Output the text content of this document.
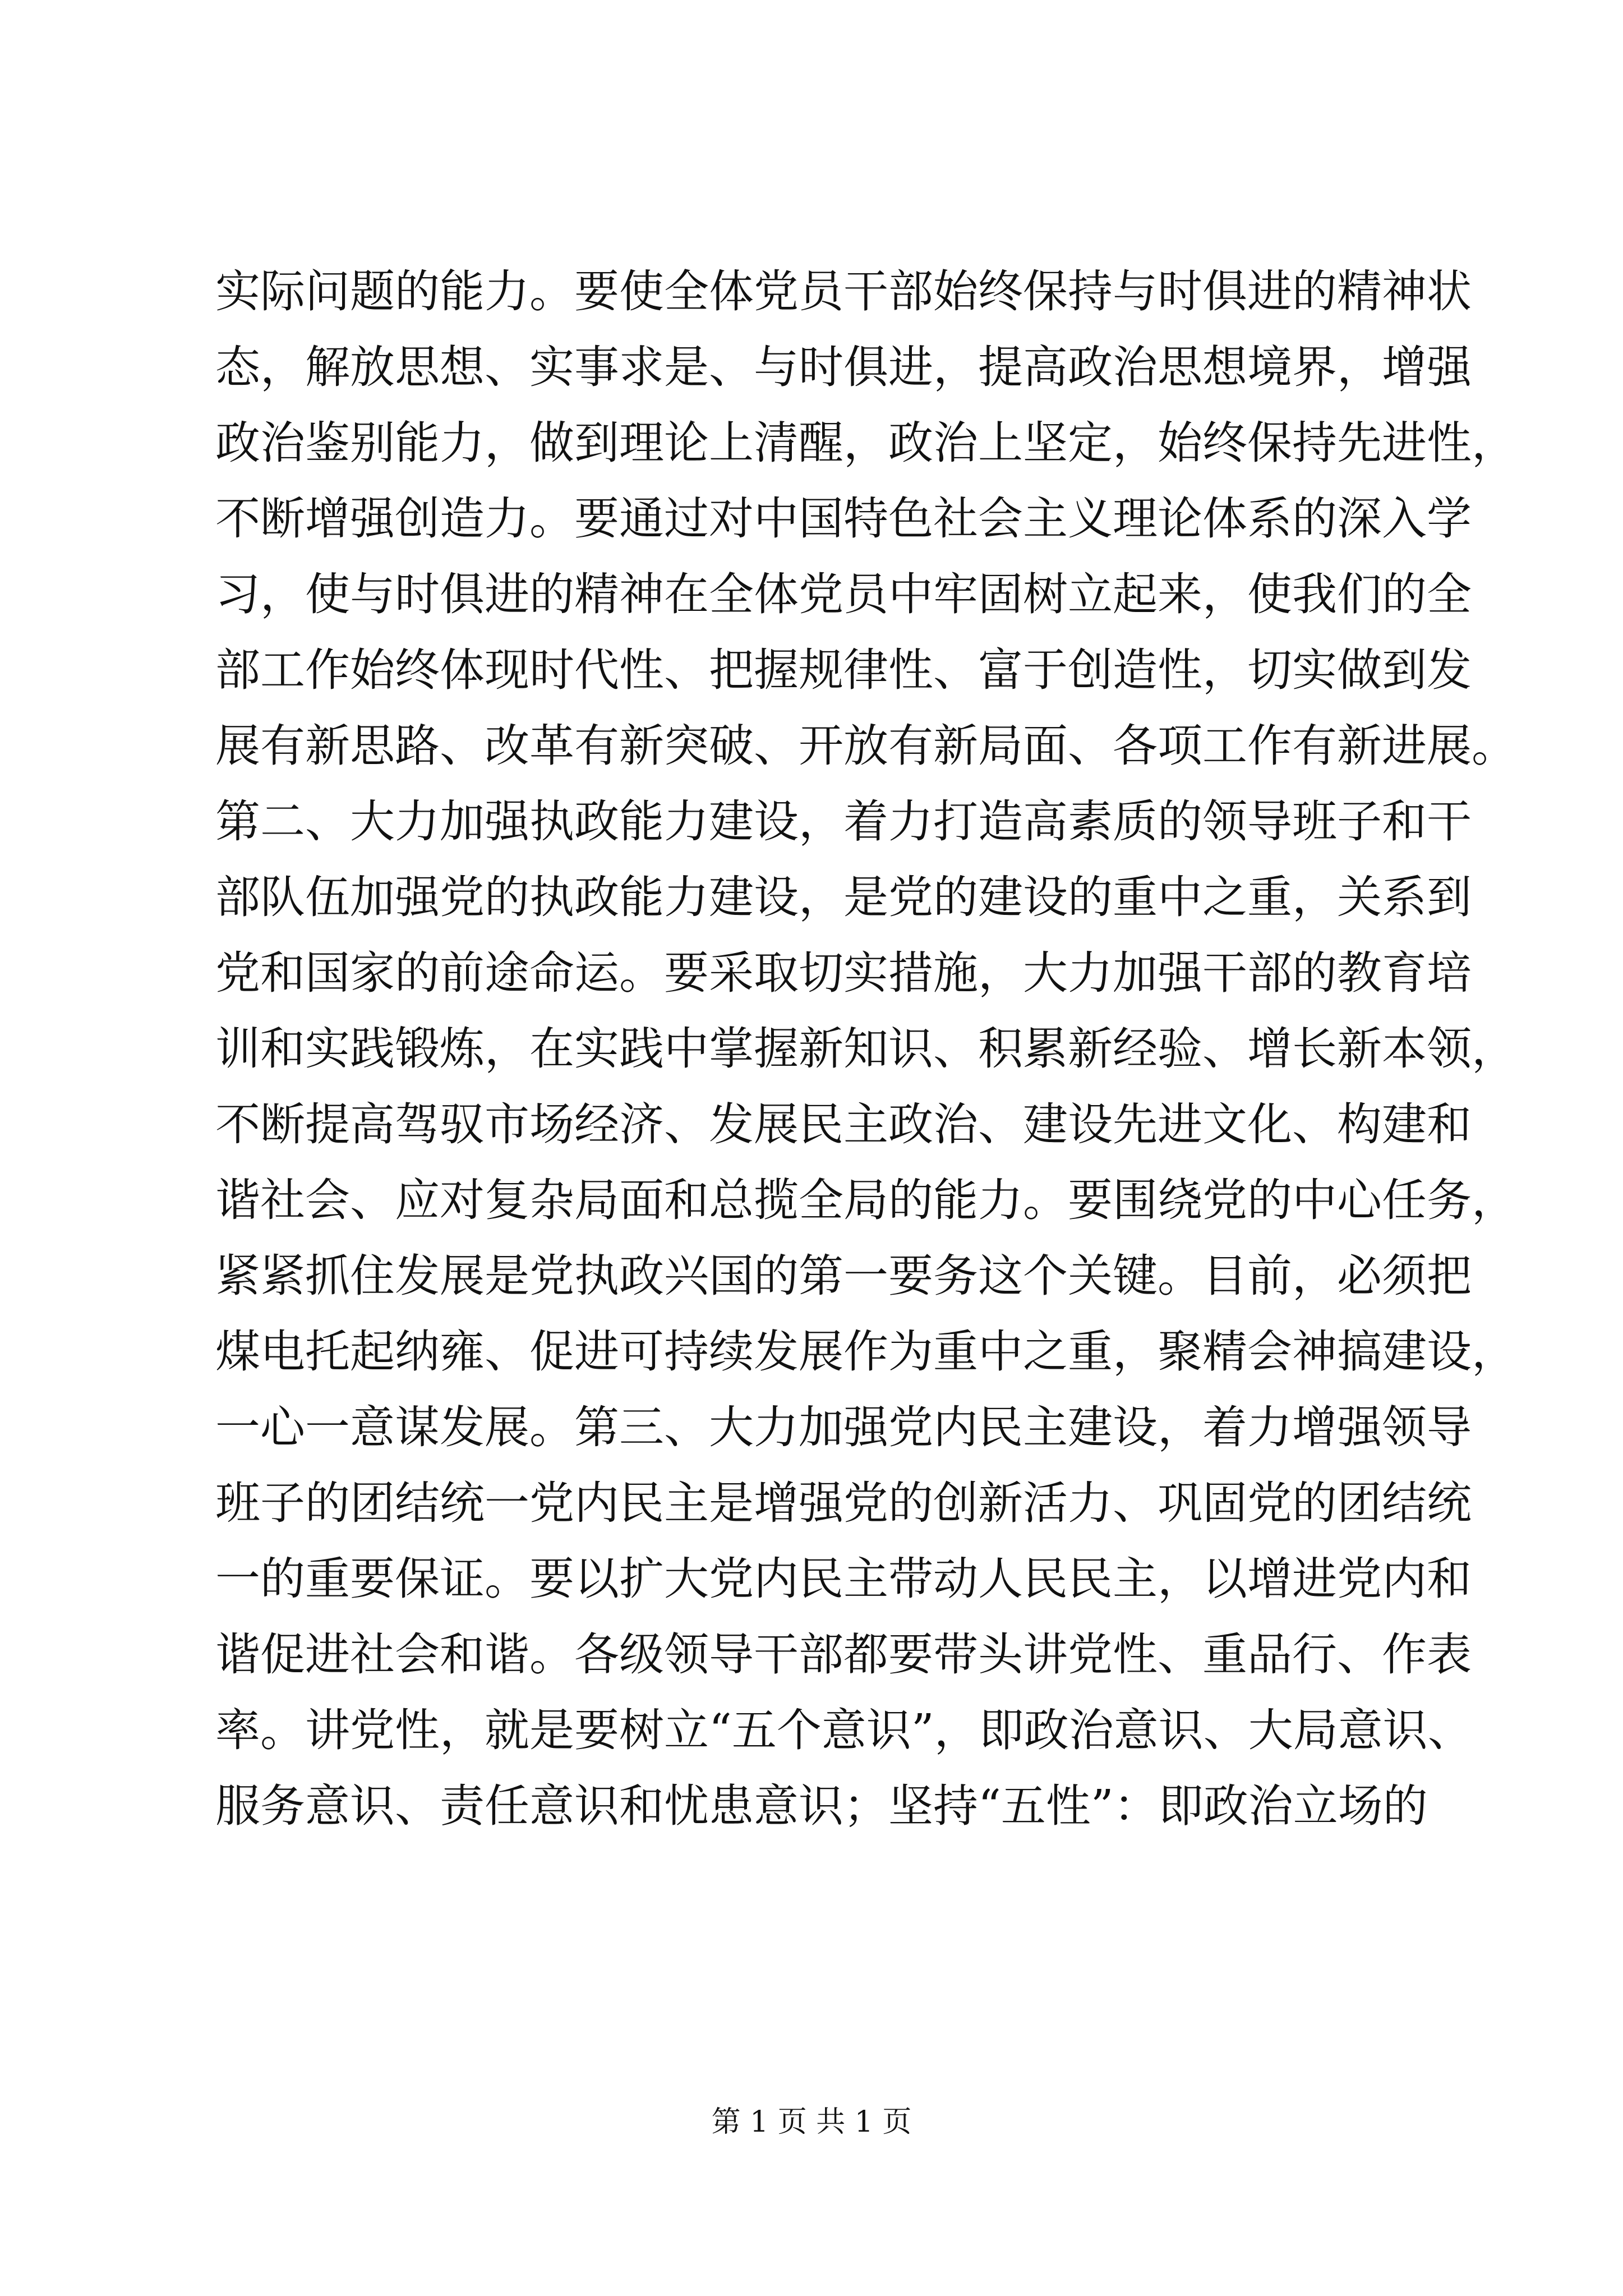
实际问题的能力。要使全体党员干部始终保持与时俱进的精神状
态，解放思想、实事求是、与时俱进，提高政治思想境界，增强
政治鉴别能力，做到理论上清醒，政治上坚定，始终保持先进性，
不断增强创造力。要通过对中国特色社会主义理论体系的深入学
习，使与时俱进的精神在全体党员中牢固树立起来，使我们的全
部工作始终体现时代性、把握规律性、富于创造性，切实做到发
展有新思路、改革有新突破、开放有新局面、各项工作有新进展。
第二、大力加强执政能力建设，着力打造高素质的领导班子和干
部队伍加强党的执政能力建设，是党的建设的重中之重，关系到
党和国家的前途命运。要采取切实措施，大力加强干部的教育培
训和实践锻炼，在实践中掌握新知识、积累新经验、增长新本领，
不断提高驾驭市场经济、发展民主政治、建设先进文化、构建和
谐社会、应对复杂局面和总揽全局的能力。要围绕党的中心任务，
紧紧抓住发展是党执政兴国的第一要务这个关键。目前，必须把
煤电托起纳雍、促进可持续发展作为重中之重，聚精会神搞建设，
一心一意谋发展。第三、大力加强党内民主建设，着力增强领导
班子的团结统一党内民主是增强党的创新活力、巩固党的团结统
一的重要保证。要以扩大党内民主带动人民民主，以增进党内和
谐促进社会和谐。各级领导干部都要带头讲党性、重品行、作表
率。讲党性，就是要树立“五个意识”，即政治意识、大局意识、
服务意识、责任意识和忧患意识；坚持“五性”：即政治立场的
第 1 页 共 1 页
